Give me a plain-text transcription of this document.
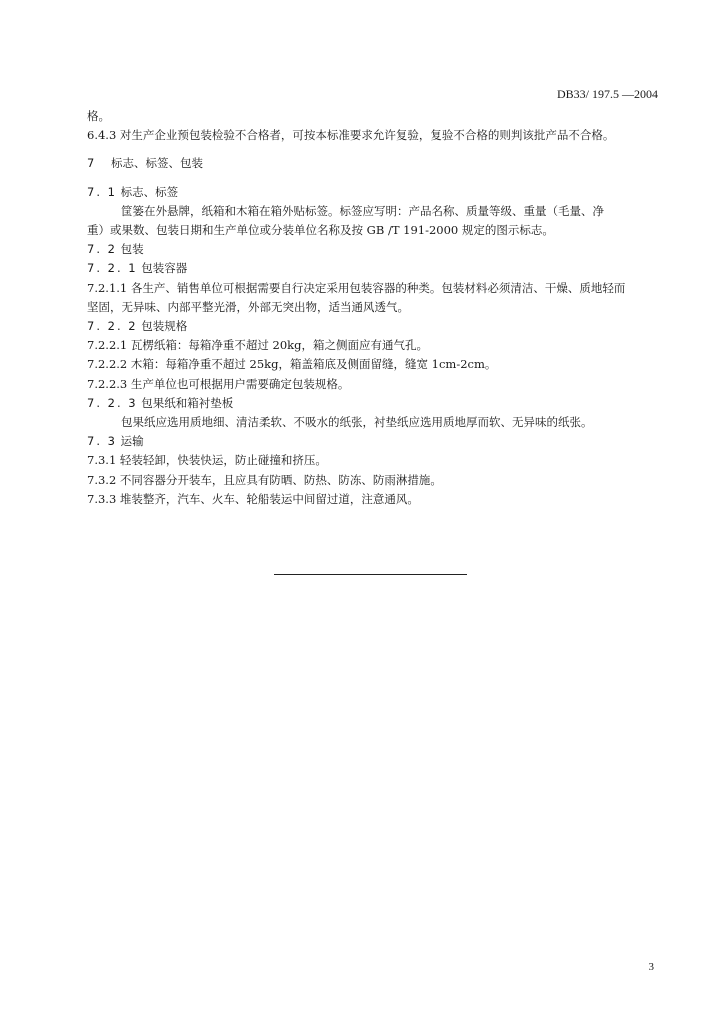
DB33/ 197.5 —2004
格。
6.4.3 对生产企业预包装检验不合格者，可按本标准要求允许复验，复验不合格的则判该批产品不合格。
7 标志、标签、包装
7. 1 标志、标签
筐篓在外悬牌，纸箱和木箱在箱外贴标签。标签应写明：产品名称、质量等级、重量（毛量、净
重）或果数、包装日期和生产单位或分装单位名称及按 GB /T 191-2000 规定的图示标志。
7. 2 包装
7. 2. 1 包装容器
7.2.1.1 各生产、销售单位可根据需要自行决定采用包装容器的种类。包装材料必须清洁、干燥、质地轻而
坚固，无异味、内部平整光滑，外部无突出物，适当通风透气。
7. 2. 2 包装规格
7.2.2.1 瓦楞纸箱：每箱净重不超过 20kg，箱之侧面应有通气孔。
7.2.2.2 木箱：每箱净重不超过 25kg，箱盖箱底及侧面留缝，缝宽 1cm-2cm。
7.2.2.3 生产单位也可根据用户需要确定包装规格。
7. 2. 3 包果纸和箱衬垫板
包果纸应选用质地细、清洁柔软、不吸水的纸张，衬垫纸应选用质地厚而软、无异味的纸张。
7. 3 运输
7.3.1 轻装轻卸，快装快运，防止碰撞和挤压。
7.3.2 不同容器分开装车，且应具有防晒、防热、防冻、防雨淋措施。
7.3.3 堆装整齐，汽车、火车、轮船装运中间留过道，注意通风。
3
